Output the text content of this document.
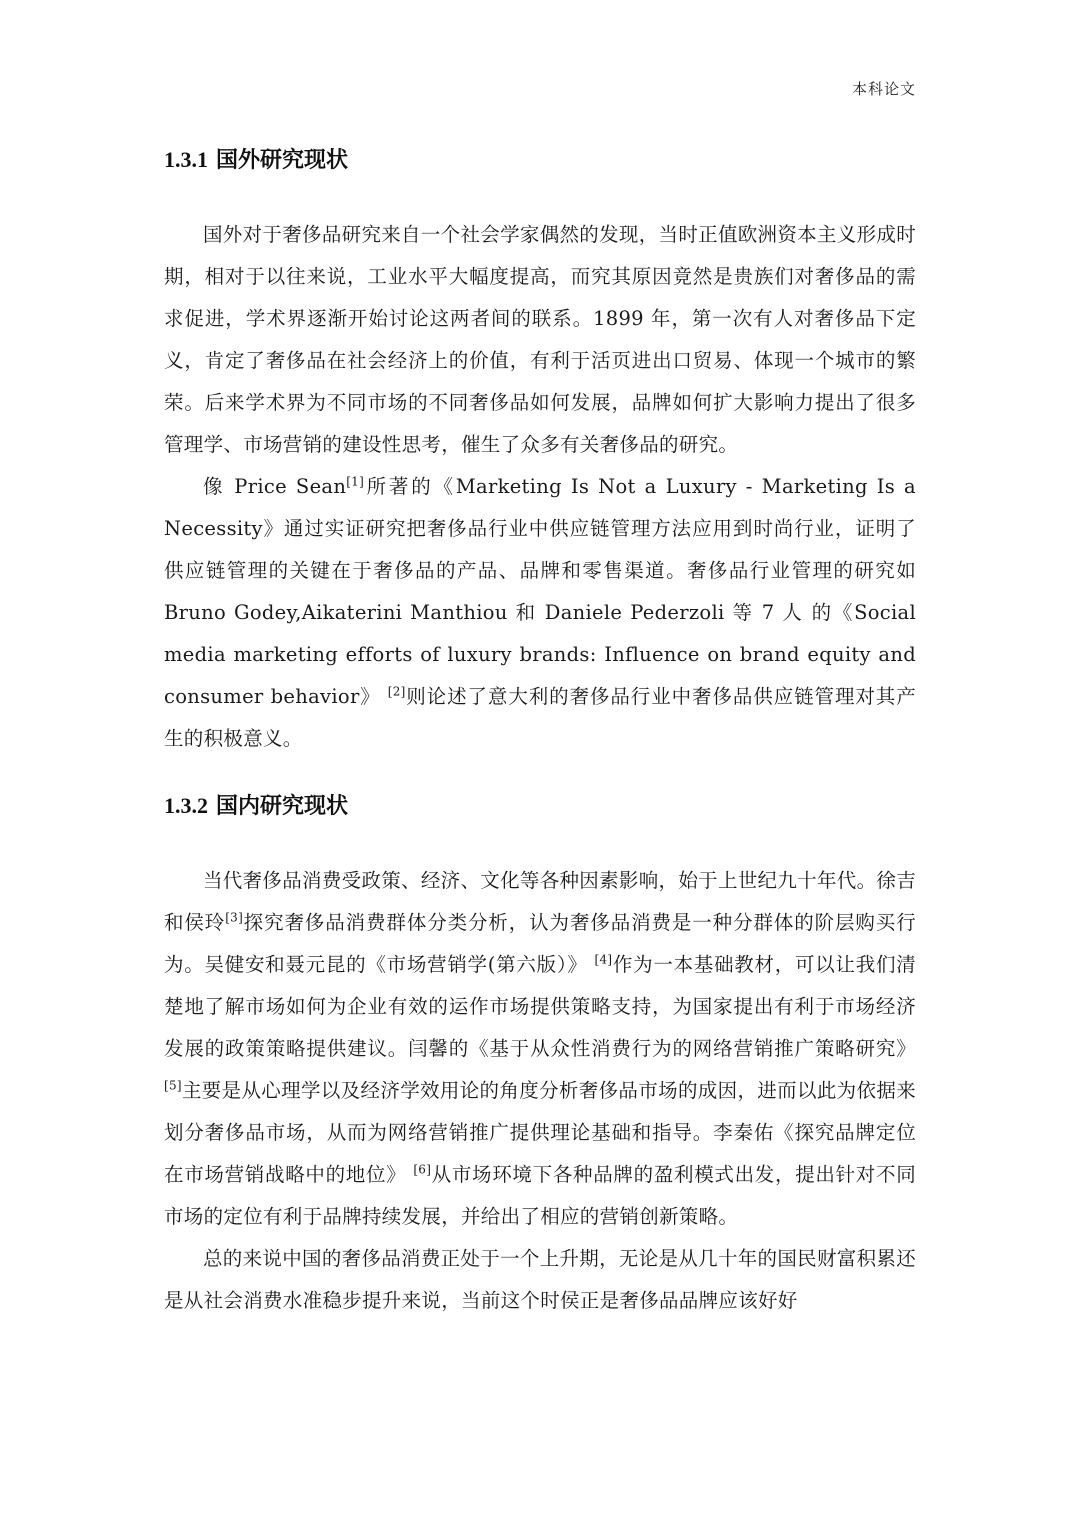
本科论文
1.3.1 国外研究现状

国外对于奢侈品研究来自一个社会学家偶然的发现，当时正值欧洲资本主义形成时期，相对于以往来说，工业水平大幅度提高，而究其原因竟然是贵族们对奢侈品的需求促进，学术界逐渐开始讨论这两者间的联系。1899 年，第一次有人对奢侈品下定义，肯定了奢侈品在社会经济上的价值，有利于活页进出口贸易、体现一个城市的繁荣。后来学术界为不同市场的不同奢侈品如何发展，品牌如何扩大影响力提出了很多管理学、市场营销的建设性思考，催生了众多有关奢侈品的研究。

像 Price Sean[1]所著的《Marketing Is Not a Luxury - Marketing Is a Necessity》通过实证研究把奢侈品行业中供应链管理方法应用到时尚行业，证明了供应链管理的关键在于奢侈品的产品、品牌和零售渠道。奢侈品行业管理的研究如 Bruno Godey,Aikaterini Manthiou 和 Daniele Pederzoli 等 7 人 的《Social media marketing efforts of luxury brands: Influence on brand equity and consumer behavior》 [2]则论述了意大利的奢侈品行业中奢侈品供应链管理对其产生的积极意义。

1.3.2 国内研究现状

当代奢侈品消费受政策、经济、文化等各种因素影响，始于上世纪九十年代。徐吉和侯玲[3]探究奢侈品消费群体分类分析，认为奢侈品消费是一种分群体的阶层购买行为。吴健安和聂元昆的《市场营销学(第六版）》 [4]作为一本基础教材，可以让我们清楚地了解市场如何为企业有效的运作市场提供策略支持，为国家提出有利于市场经济发展的政策策略提供建议。闫馨的《基于从众性消费行为的网络营销推广策略研究》 [5]主要是从心理学以及经济学效用论的角度分析奢侈品市场的成因，进而以此为依据来划分奢侈品市场，从而为网络营销推广提供理论基础和指导。李秦佑《探究品牌定位在市场营销战略中的地位》 [6]从市场环境下各种品牌的盈利模式出发，提出针对不同市场的定位有利于品牌持续发展，并给出了相应的营销创新策略。

总的来说中国的奢侈品消费正处于一个上升期，无论是从几十年的国民财富积累还是从社会消费水准稳步提升来说，当前这个时侯正是奢侈品品牌应该好好
